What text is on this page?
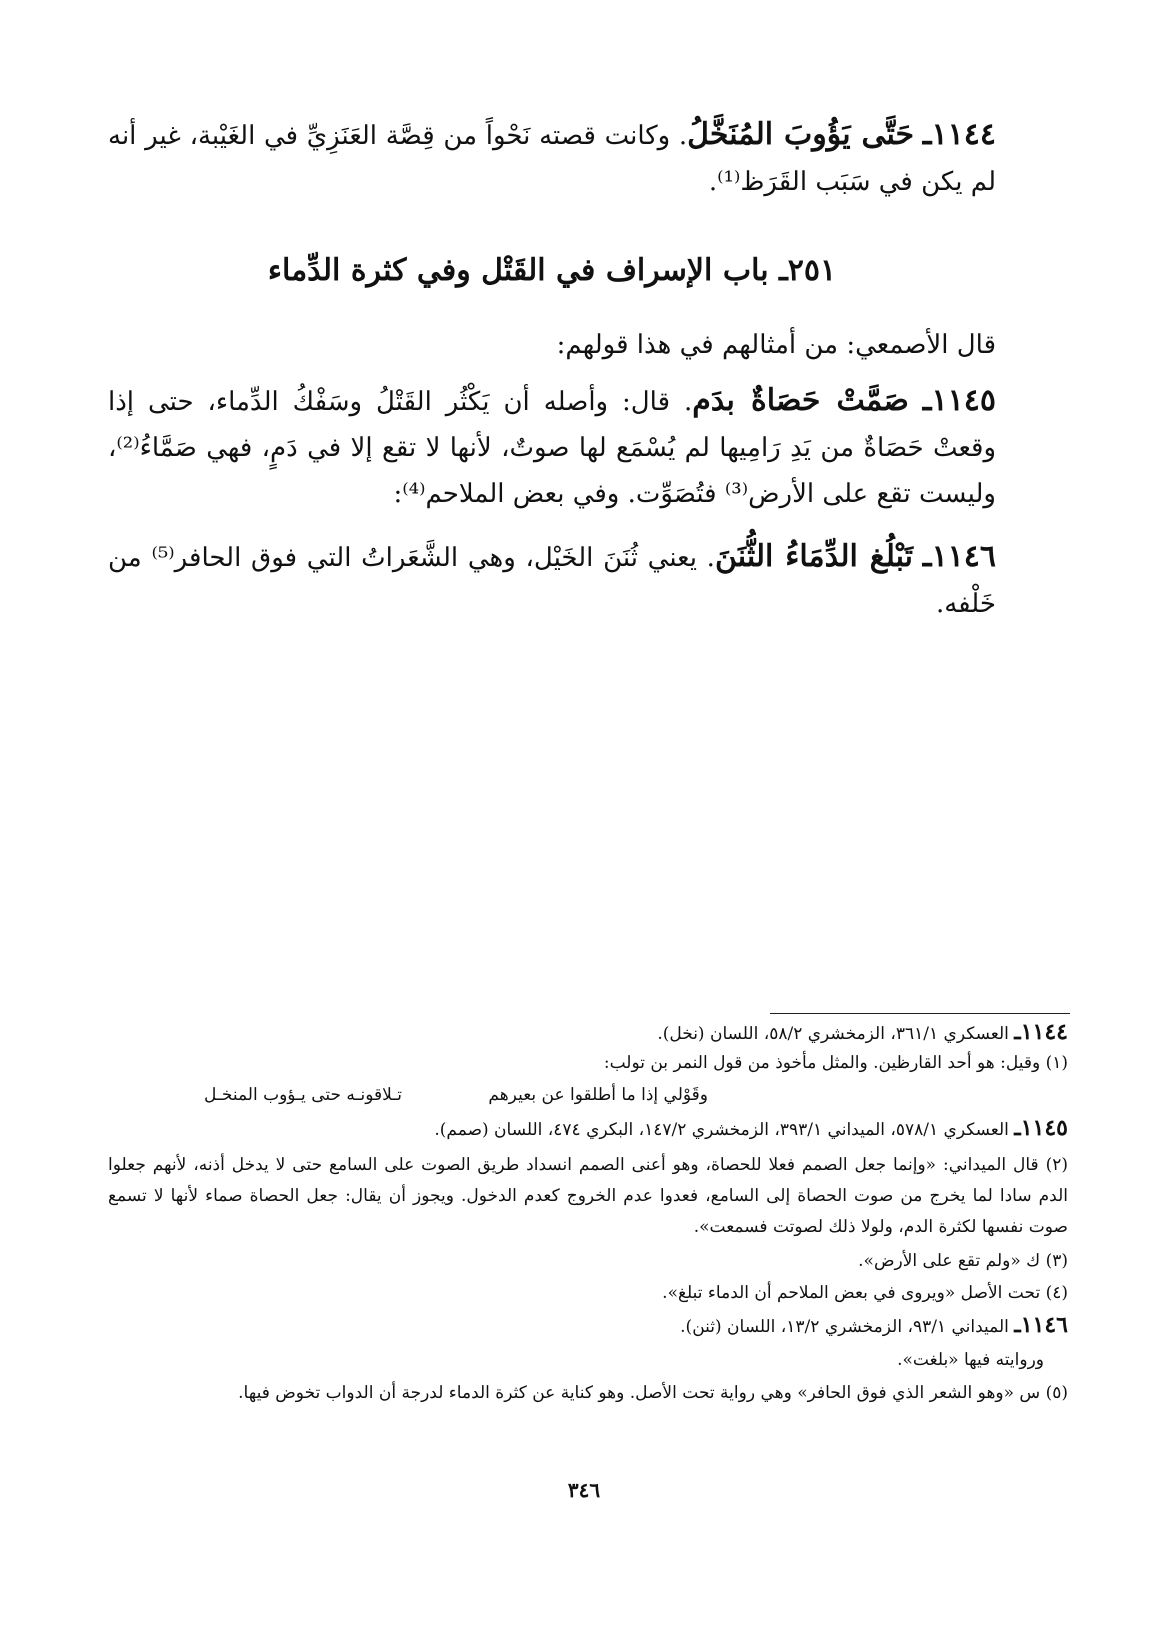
١١٤٤ـ حَتَّى يَؤُوبَ المُنَخَّلُ. وكانت قصته نَحْواً من قِصَّة العَنَزِيِّ في الغَيْبة، غير أنه لم يكن في سَبَب القَرَظ⁽¹⁾.

٢٥١ـ باب الإسراف في القَتْل وفي كثرة الدِّماء

قال الأصمعي: من أمثالهم في هذا قولهم:

١١٤٥ـ صَمَّتْ حَصَاةٌ بدَم. قال: وأصله أن يَكْثُر القَتْلُ وسَفْكُ الدِّماء، حتى إذا وقعتْ حَصَاةٌ من يَدِ رَامِيها لم يُسْمَع لها صوتٌ، لأنها لا تقع إلا في دَمٍ، فهي صَمَّاءُ⁽²⁾، وليست تقع على الأرض⁽³⁾ فتُصَوِّت. وفي بعض الملاحم⁽⁴⁾:

١١٤٦ـ تَبْلُغ الدِّمَاءُ الثُّنَنَ. يعني ثُنَنَ الخَيْل، وهي الشَّعَراتُ التي فوق الحافر⁽⁵⁾ من خَلْفه.

١١٤٤ـ العسكري ٣٦١/١، الزمخشري ٥٨/٢، اللسان (نخل).

(١) وقيل: هو أحد القارظين. والمثل مأخوذ من قول النمر بن تولب:

وقَوْلي إذا ما أطلقوا عن بعيرهم
تـلاقونـه حتى يـؤوب المنخـل

١١٤٥ـ العسكري ٥٧٨/١، الميداني ٣٩٣/١، الزمخشري ١٤٧/٢، البكري ٤٧٤، اللسان (صمم).

(٢) قال الميداني: «وإنما جعل الصمم فعلا للحصاة، وهو أعنى الصمم انسداد طريق الصوت على السامع حتى لا يدخل أذنه، لأنهم جعلوا الدم سادا لما يخرج من صوت الحصاة إلى السامع، فعدوا عدم الخروج كعدم الدخول. ويجوز أن يقال: جعل الحصاة صماء لأنها لا تسمع صوت نفسها لكثرة الدم، ولولا ذلك لصوتت فسمعت».

(٣) ك «ولم تقع على الأرض».

(٤) تحت الأصل «ويروى في بعض الملاحم أن الدماء تبلغ».

١١٤٦ـ الميداني ٩٣/١، الزمخشري ١٣/٢، اللسان (ثنن).

وروايته فيها «بلغت».

(٥) س «وهو الشعر الذي فوق الحافر» وهي رواية تحت الأصل. وهو كناية عن كثرة الدماء لدرجة أن الدواب تخوض فيها.

٣٤٦
